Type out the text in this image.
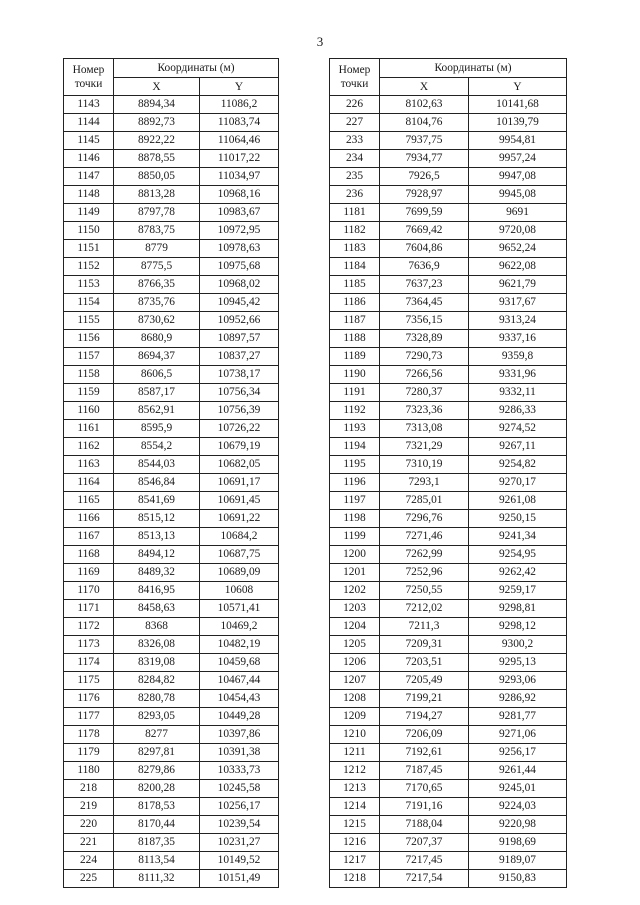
3
Номер
точки	Координаты (м)	
	X	Y
1143	8894,34	11086,2
1144	8892,73	11083,74
1145	8922,22	11064,46
1146	8878,55	11017,22
1147	8850,05	11034,97
1148	8813,28	10968,16
1149	8797,78	10983,67
1150	8783,75	10972,95
1151	8779	10978,63
1152	8775,5	10975,68
1153	8766,35	10968,02
1154	8735,76	10945,42
1155	8730,62	10952,66
1156	8680,9	10897,57
1157	8694,37	10837,27
1158	8606,5	10738,17
1159	8587,17	10756,34
1160	8562,91	10756,39
1161	8595,9	10726,22
1162	8554,2	10679,19
1163	8544,03	10682,05
1164	8546,84	10691,17
1165	8541,69	10691,45
1166	8515,12	10691,22
1167	8513,13	10684,2
1168	8494,12	10687,75
1169	8489,32	10689,09
1170	8416,95	10608
1171	8458,63	10571,41
1172	8368	10469,2
1173	8326,08	10482,19
1174	8319,08	10459,68
1175	8284,82	10467,44
1176	8280,78	10454,43
1177	8293,05	10449,28
1178	8277	10397,86
1179	8297,81	10391,38
1180	8279,86	10333,73
218	8200,28	10245,58
219	8178,53	10256,17
220	8170,44	10239,54
221	8187,35	10231,27
224	8113,54	10149,52
225	8111,32	10151,49
Номер
точки	Координаты (м)	
	X	Y
226	8102,63	10141,68
227	8104,76	10139,79
233	7937,75	9954,81
234	7934,77	9957,24
235	7926,5	9947,08
236	7928,97	9945,08
1181	7699,59	9691
1182	7669,42	9720,08
1183	7604,86	9652,24
1184	7636,9	9622,08
1185	7637,23	9621,79
1186	7364,45	9317,67
1187	7356,15	9313,24
1188	7328,89	9337,16
1189	7290,73	9359,8
1190	7266,56	9331,96
1191	7280,37	9332,11
1192	7323,36	9286,33
1193	7313,08	9274,52
1194	7321,29	9267,11
1195	7310,19	9254,82
1196	7293,1	9270,17
1197	7285,01	9261,08
1198	7296,76	9250,15
1199	7271,46	9241,34
1200	7262,99	9254,95
1201	7252,96	9262,42
1202	7250,55	9259,17
1203	7212,02	9298,81
1204	7211,3	9298,12
1205	7209,31	9300,2
1206	7203,51	9295,13
1207	7205,49	9293,06
1208	7199,21	9286,92
1209	7194,27	9281,77
1210	7206,09	9271,06
1211	7192,61	9256,17
1212	7187,45	9261,44
1213	7170,65	9245,01
1214	7191,16	9224,03
1215	7188,04	9220,98
1216	7207,37	9198,69
1217	7217,45	9189,07
1218	7217,54	9150,83
